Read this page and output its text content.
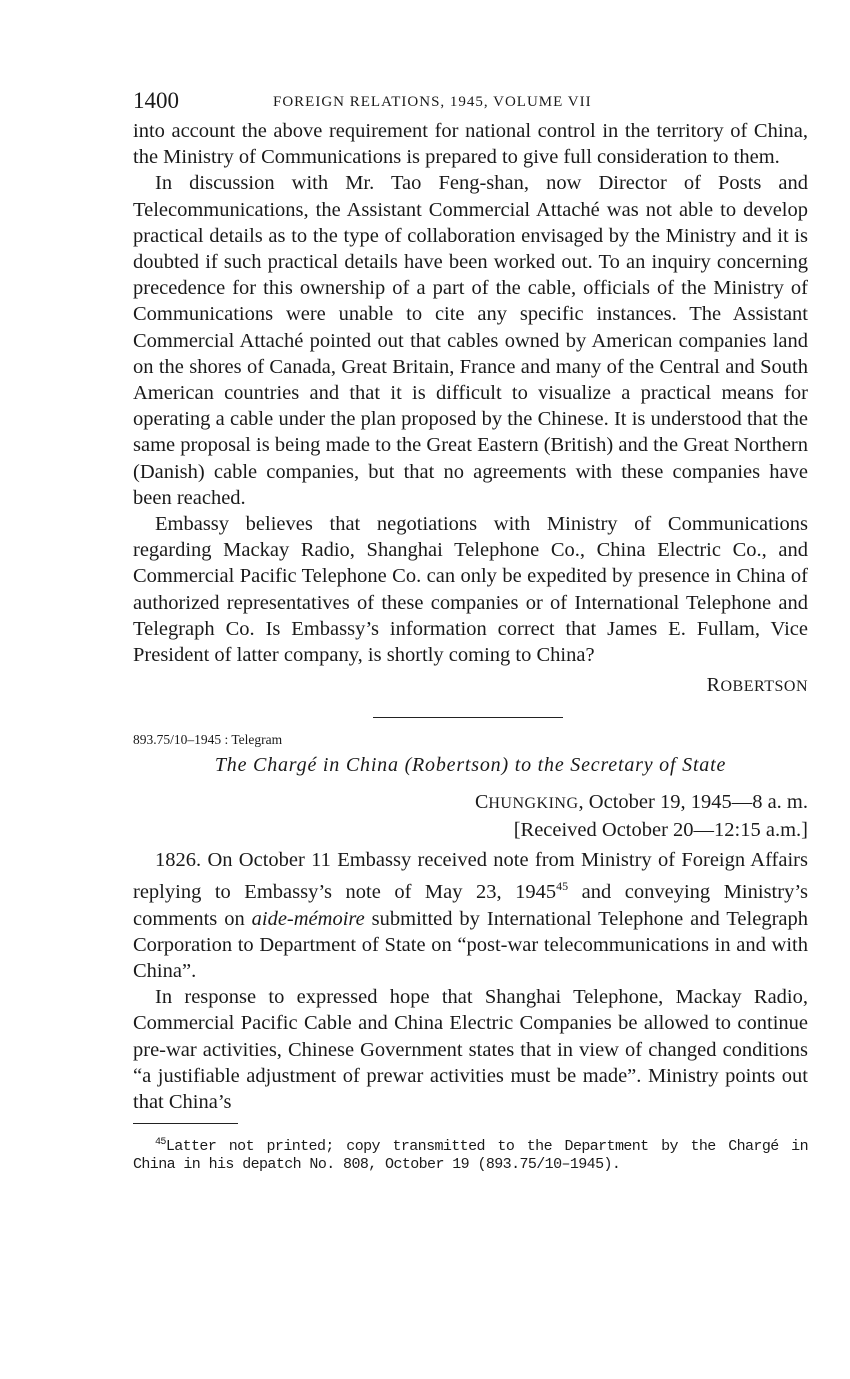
1400	FOREIGN RELATIONS, 1945, VOLUME VII

into account the above requirement for national control in the territory of China, the Ministry of Communications is prepared to give full consideration to them.

In discussion with Mr. Tao Feng-shan, now Director of Posts and Telecommunications, the Assistant Commercial Attaché was not able to develop practical details as to the type of collaboration envisaged by the Ministry and it is doubted if such practical details have been worked out. To an inquiry concerning precedence for this ownership of a part of the cable, officials of the Ministry of Communications were unable to cite any specific instances. The Assistant Commercial Attaché pointed out that cables owned by American companies land on the shores of Canada, Great Britain, France and many of the Central and South American countries and that it is difficult to visualize a practical means for operating a cable under the plan proposed by the Chinese. It is understood that the same proposal is being made to the Great Eastern (British) and the Great Northern (Danish) cable companies, but that no agreements with these companies have been reached.

Embassy believes that negotiations with Ministry of Communications regarding Mackay Radio, Shanghai Telephone Co., China Electric Co., and Commercial Pacific Telephone Co. can only be expedited by presence in China of authorized representatives of these companies or of International Telephone and Telegraph Co. Is Embassy’s information correct that James E. Fullam, Vice President of latter company, is shortly coming to China?

ROBERTSON

893.75/10–1945 : Telegram

The Chargé in China (Robertson) to the Secretary of State

CHUNGKING, October 19, 1945—8 a. m.

[Received October 20—12:15 a.m.]

1826. On October 11 Embassy received note from Ministry of Foreign Affairs replying to Embassy’s note of May 23, 1945$^{45}$ and conveying Ministry’s comments on aide-mémoire submitted by International Telephone and Telegraph Corporation to Department of State on “post-war telecommunications in and with China”.

In response to expressed hope that Shanghai Telephone, Mackay Radio, Commercial Pacific Cable and China Electric Companies be allowed to continue pre-war activities, Chinese Government states that in view of changed conditions “a justifiable adjustment of prewar activities must be made”. Ministry points out that China’s

$^{45}$Latter not printed; copy transmitted to the Department by the Chargé in China in his depatch No. 808, October 19 (893.75/10–1945).
